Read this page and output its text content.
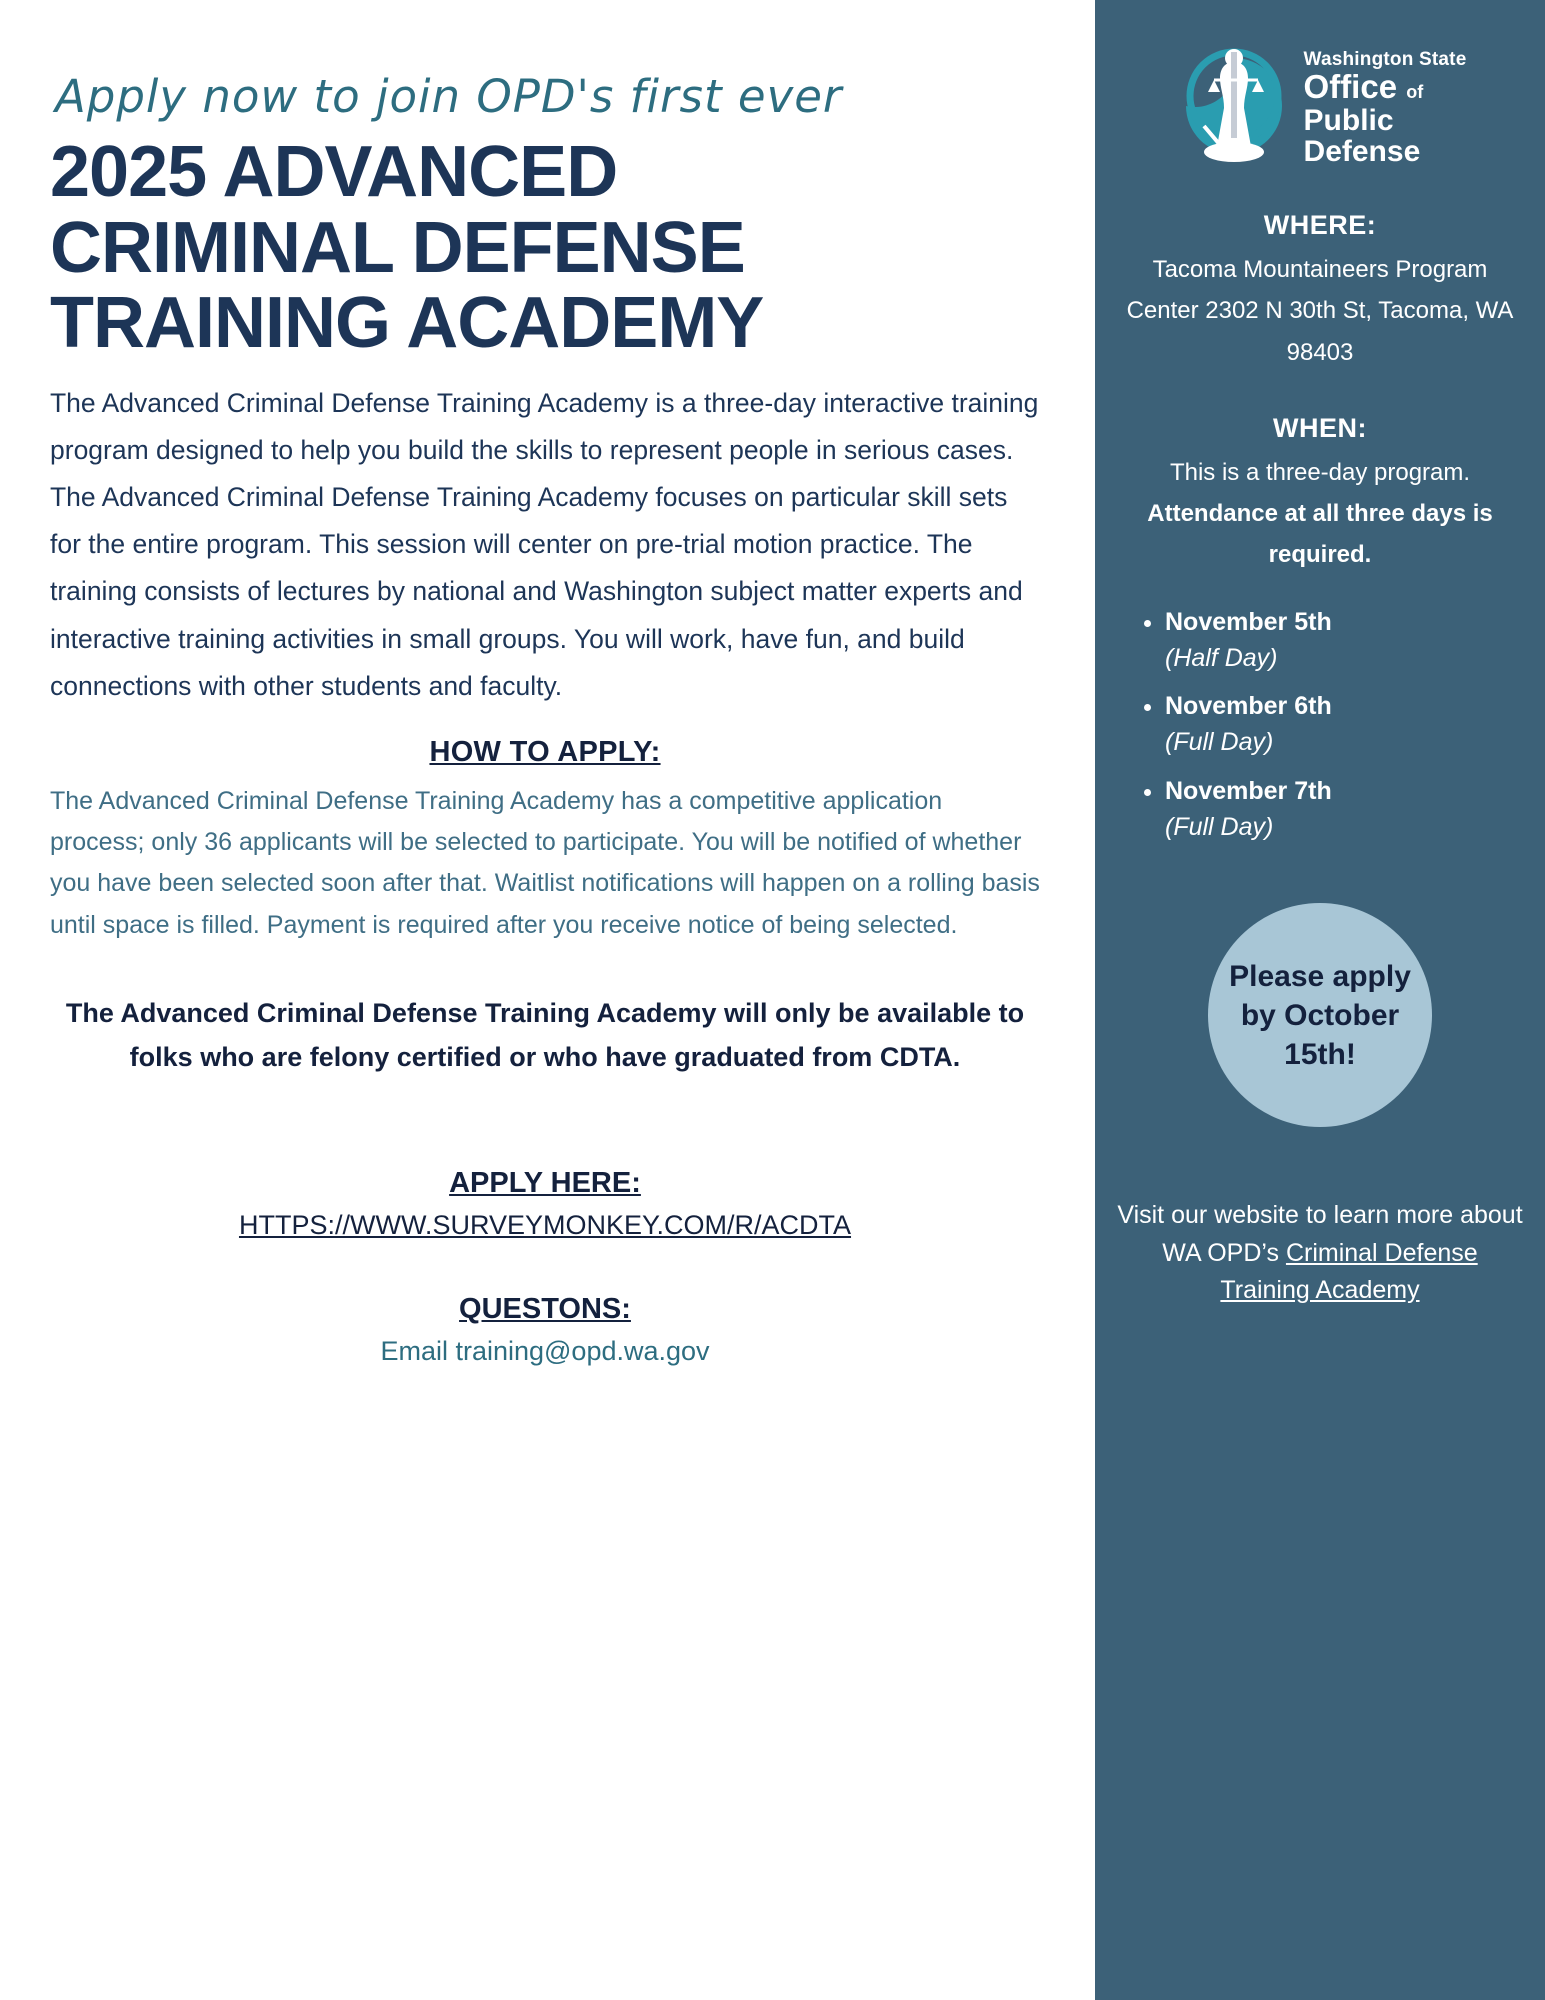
Apply now to join OPD's first ever

2025 ADVANCED
CRIMINAL DEFENSE
TRAINING ACADEMY

The Advanced Criminal Defense Training Academy is a three-day interactive training program designed to help you build the skills to represent people in serious cases. The Advanced Criminal Defense Training Academy focuses on particular skill sets for the entire program. This session will center on pre-trial motion practice. The training consists of lectures by national and Washington subject matter experts and interactive training activities in small groups. You will work, have fun, and build connections with other students and faculty.

HOW TO APPLY:

The Advanced Criminal Defense Training Academy has a competitive application process; only 36 applicants will be selected to participate. You will be notified of whether you have been selected soon after that. Waitlist notifications will happen on a rolling basis until space is filled. Payment is required after you receive notice of being selected.

The Advanced Criminal Defense Training Academy will only be available to folks who are felony certified or who have graduated from CDTA.

APPLY HERE:
HTTPS://WWW.SURVEYMONKEY.COM/R/ACDTA
QUESTONS:

Email training@opd.wa.gov

Washington State
Office of
Public
Defense
WHERE:

Tacoma Mountaineers Program Center 2302 N 30th St, Tacoma, WA 98403

WHEN:

This is a three-day program.

Attendance at all three days is required.

• November 5th
(Half Day)
• November 6th
(Full Day)
• November 7th
(Full Day)
Please apply by October 15th!
Visit our website to learn more about WA OPD’s Criminal Defense Training Academy
